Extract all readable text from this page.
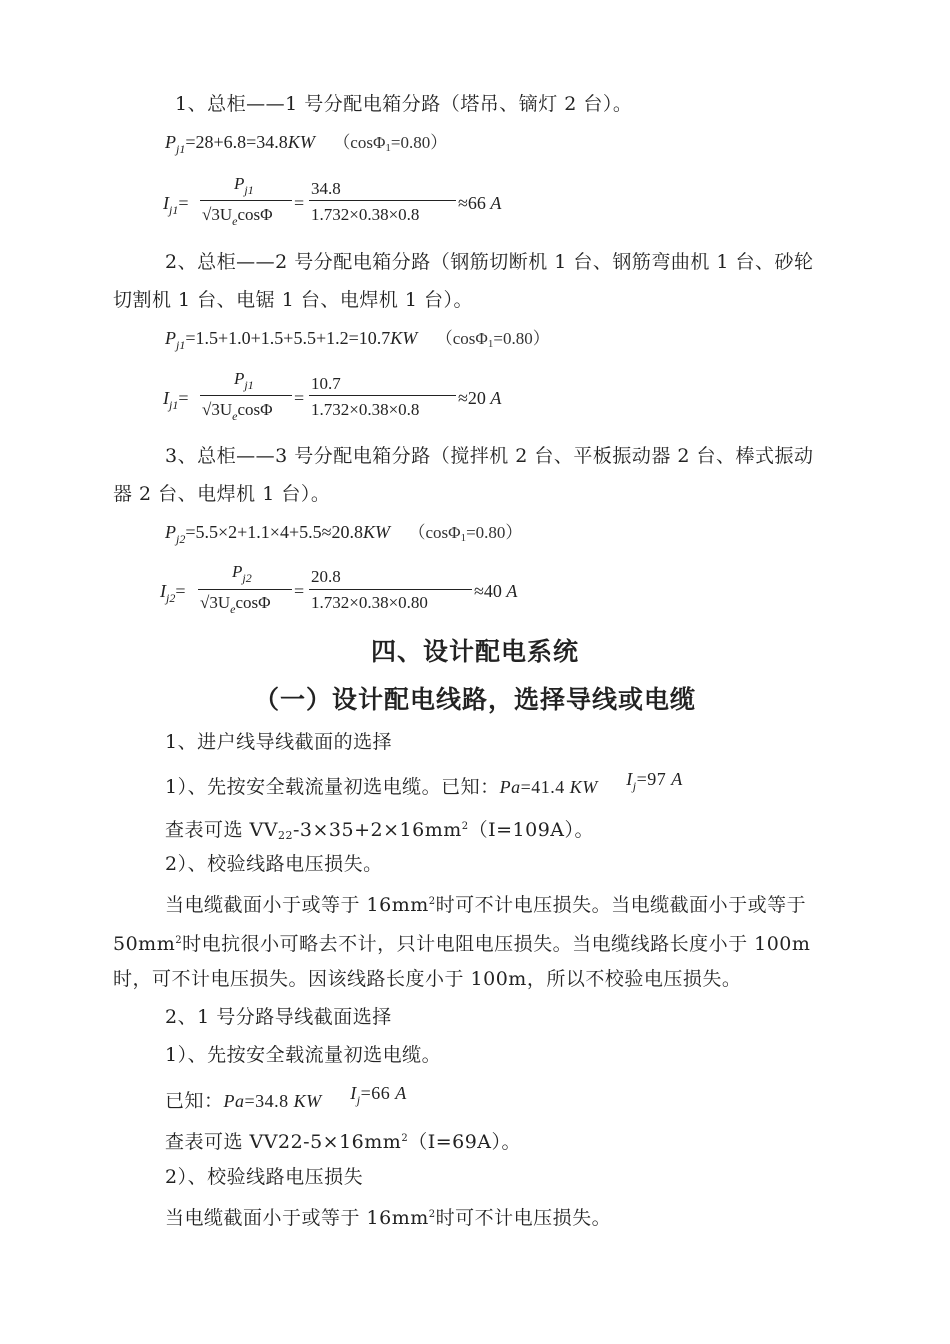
1、总柜——1 号分配电箱分路（塔吊、镝灯 2 台）。
$P_{j1}=28+6.8=34.8KW$ （cosΦ1=0.80）
$I_{j1}=$
$P_{j1}$
$√3U_e\cos\Phi$
=
34.8
1.732×0.38×0.8
≈66 A
2、总柜——2 号分配电箱分路（钢筋切断机 1 台、钢筋弯曲机 1 台、砂轮
切割机 1 台、电锯 1 台、电焊机 1 台）。
$P_{j1}=1.5+1.0+1.5+5.5+1.2=10.7KW$ （cosΦ1=0.80）
$I_{j1}=$
$P_{j1}$
$√3U_e\cos\Phi$
=
10.7
1.732×0.38×0.8
≈20 A
3、总柜——3 号分配电箱分路（搅拌机 2 台、平板振动器 2 台、棒式振动
器 2 台、电焊机 1 台）。
$P_{j2}=5.5\times 2+1.1\times 4+5.5\approx 20.8KW$ （cosΦ1=0.80）
$I_{j2}=$
$P_{j2}$
$√3U_e\cos\Phi$
=
20.8
1.732×0.38×0.80
≈40 A
四、设计配电系统
（一）设计配电线路，选择导线或电缆
1、进户线导线截面的选择
1）、先按安全载流量初选电缆。已知：Pa=41.4 KW $I_j=97$ A
查表可选 $VV22-3\times 35+2\times 16mm^2(I=109A)$。
2）、校验线路电压损失。
当电缆截面小于或等于 $16mm^2$时可不计电压损失。当电缆截面小于或等于
$50mm^2$时电抗很小可略去不计，只计电阻电压损失。当电缆线路长度小于 100m
时，可不计电压损失。因该线路长度小于 100m，所以不校验电压损失。
2、1 号分路导线截面选择
1）、先按安全载流量初选电缆。
已知：Pa=34.8 KW $I_j=66$ A
查表可选 $VV22-5\times 16mm^2(I=69A)$。
2）、校验线路电压损失
当电缆截面小于或等于 $16mm^2$时可不计电压损失。
